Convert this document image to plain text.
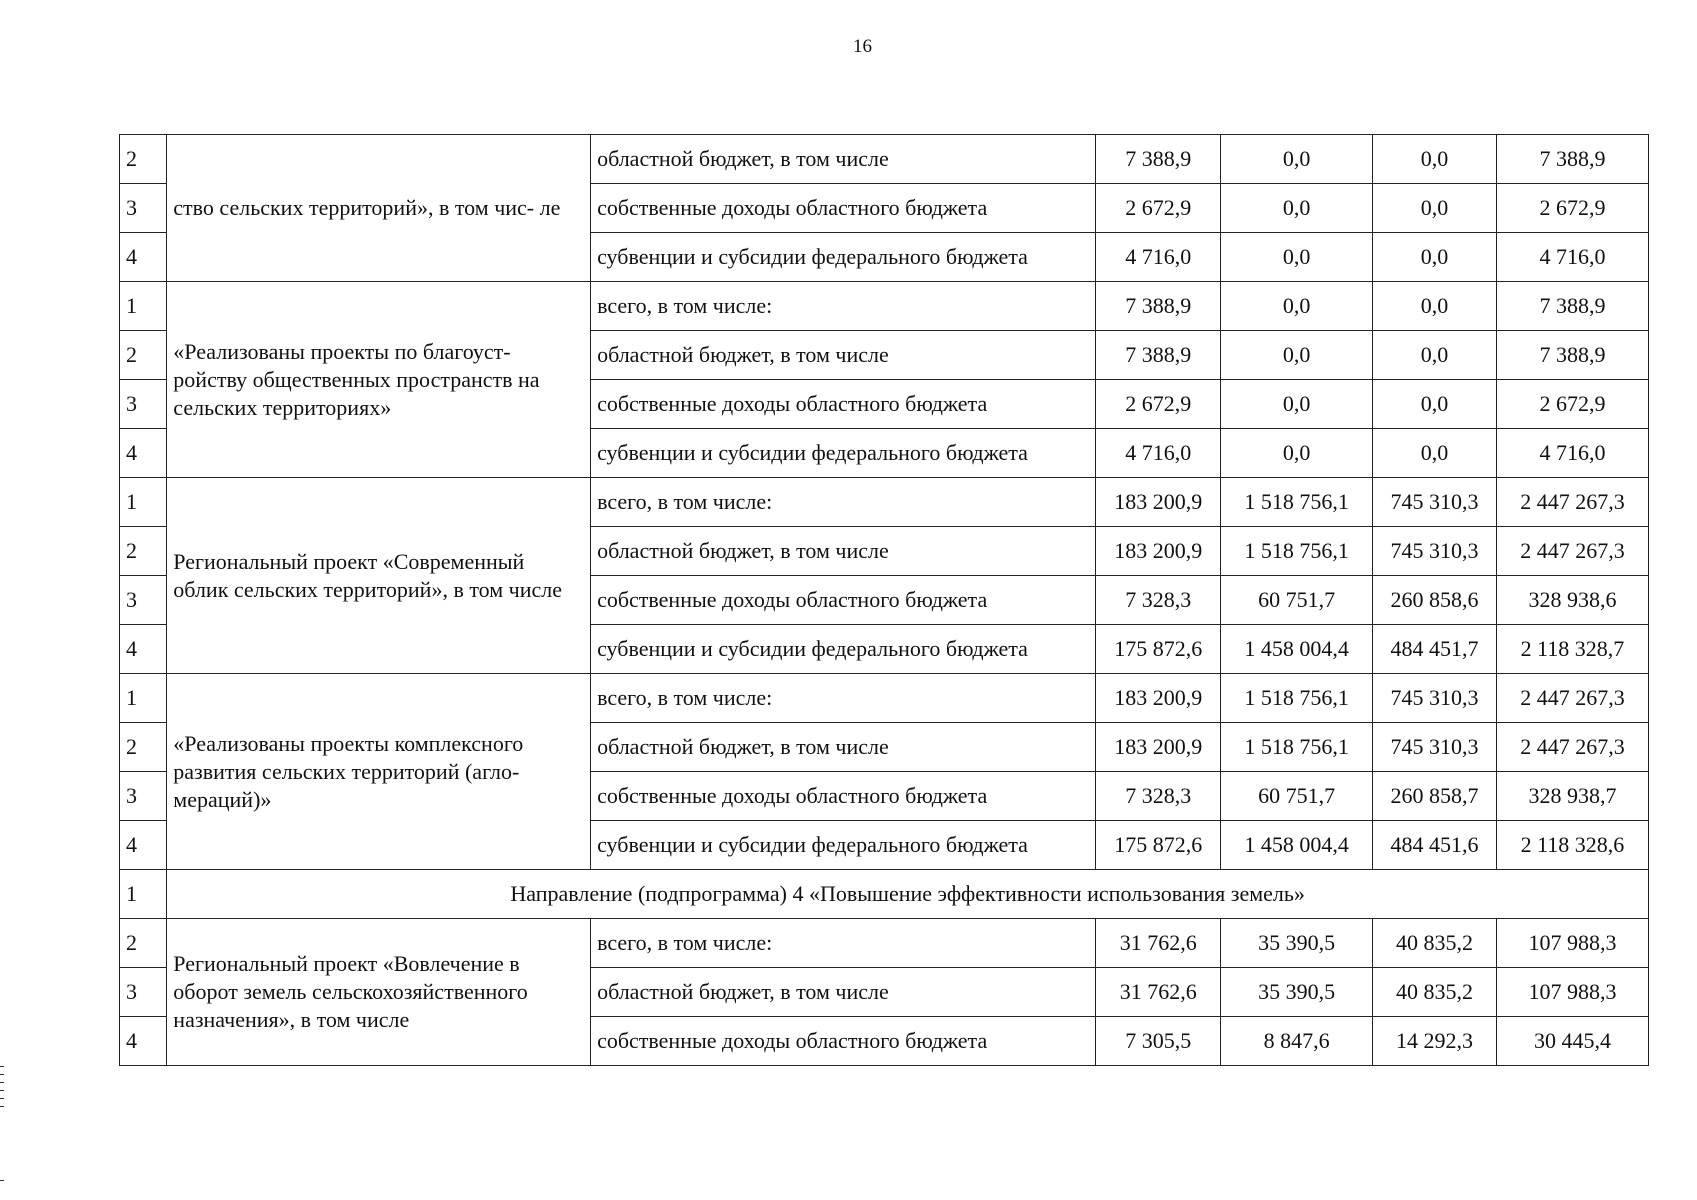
16
2	ство сельских территорий», в том чис- ле	областной бюджет, в том числе	7 388,9	0,0	0,0	7 388,9
3		собственные доходы областного бюджета	2 672,9	0,0	0,0	2 672,9
4		субвенции и субсидии федерального бюджета	4 716,0	0,0	0,0	4 716,0
1	«Реализованы проекты по благоуст- ройству общественных пространств на сельских территориях»	всего, в том числе:	7 388,9	0,0	0,0	7 388,9
2		областной бюджет, в том числе	7 388,9	0,0	0,0	7 388,9
3		собственные доходы областного бюджета	2 672,9	0,0	0,0	2 672,9
4		субвенции и субсидии федерального бюджета	4 716,0	0,0	0,0	4 716,0
1	Региональный проект «Современный облик сельских территорий», в том числе	всего, в том числе:	183 200,9	1 518 756,1	745 310,3	2 447 267,3
2		областной бюджет, в том числе	183 200,9	1 518 756,1	745 310,3	2 447 267,3
3		собственные доходы областного бюджета	7 328,3	60 751,7	260 858,6	328 938,6
4		субвенции и субсидии федерального бюджета	175 872,6	1 458 004,4	484 451,7	2 118 328,7
1	«Реализованы проекты комплексного развития сельских территорий (агло- мераций)»	всего, в том числе:	183 200,9	1 518 756,1	745 310,3	2 447 267,3
2		областной бюджет, в том числе	183 200,9	1 518 756,1	745 310,3	2 447 267,3
3		собственные доходы областного бюджета	7 328,3	60 751,7	260 858,7	328 938,7
4		субвенции и субсидии федерального бюджета	175 872,6	1 458 004,4	484 451,6	2 118 328,6
1	Направление (подпрограмма) 4 «Повышение эффективности использования земель»					
2	Региональный проект «Вовлечение в оборот земель сельскохозяйственного назначения», в том числе	всего, в том числе:	31 762,6	35 390,5	40 835,2	107 988,3
3		областной бюджет, в том числе	31 762,6	35 390,5	40 835,2	107 988,3
4		собственные доходы областного бюджета	7 305,5	8 847,6	14 292,3	30 445,4
